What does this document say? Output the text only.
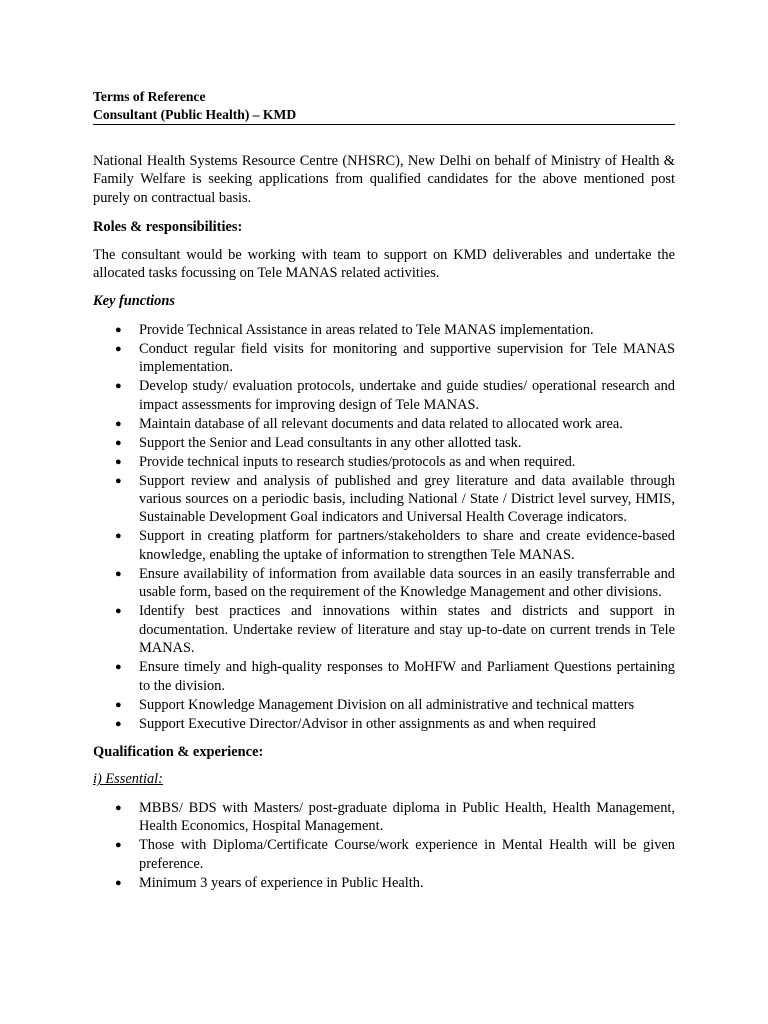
Terms of Reference
Consultant (Public Health) – KMD

National Health Systems Resource Centre (NHSRC), New Delhi on behalf of Ministry of Health & Family Welfare is seeking applications from qualified candidates for the above mentioned post purely on contractual basis.

Roles & responsibilities:

The consultant would be working with team to support on KMD deliverables and undertake the allocated tasks focussing on Tele MANAS related activities.

Key functions
● Provide Technical Assistance in areas related to Tele MANAS implementation.
● Conduct regular field visits for monitoring and supportive supervision for Tele MANAS implementation.
● Develop study/ evaluation protocols, undertake and guide studies/ operational research and impact assessments for improving design of Tele MANAS.
● Maintain database of all relevant documents and data related to allocated work area.
● Support the Senior and Lead consultants in any other allotted task.
● Provide technical inputs to research studies/protocols as and when required.
● Support review and analysis of published and grey literature and data available through various sources on a periodic basis, including National / State / District level survey, HMIS, Sustainable Development Goal indicators and Universal Health Coverage indicators.
● Support in creating platform for partners/stakeholders to share and create evidence-based knowledge, enabling the uptake of information to strengthen Tele MANAS.
● Ensure availability of information from available data sources in an easily transferrable and usable form, based on the requirement of the Knowledge Management and other divisions.
● Identify best practices and innovations within states and districts and support in documentation. Undertake review of literature and stay up-to-date on current trends in Tele MANAS.
● Ensure timely and high-quality responses to MoHFW and Parliament Questions pertaining to the division.
● Support Knowledge Management Division on all administrative and technical matters
● Support Executive Director/Advisor in other assignments as and when required
Qualification & experience:
i) Essential:
● MBBS/ BDS with Masters/ post-graduate diploma in Public Health, Health Management, Health Economics, Hospital Management.
● Those with Diploma/Certificate Course/work experience in Mental Health will be given preference.
● Minimum 3 years of experience in Public Health.
